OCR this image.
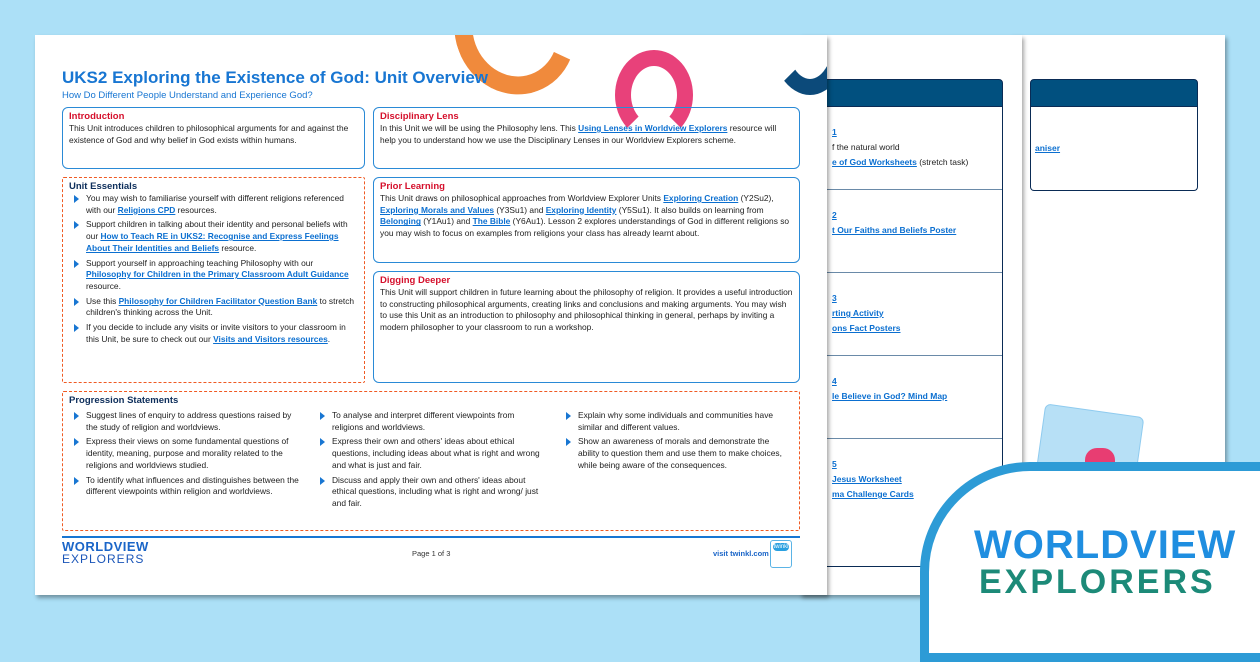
aniser
1
f the natural world
e of God Worksheets (stretch task)
2
t Our Faiths and Beliefs Poster
3
rting Activity
ons Fact Posters
4
le Believe in God? Mind Map
5
Jesus Worksheet
ma Challenge Cards
UKS2 Exploring the Existence of God: Unit Overview
How Do Different People Understand and Experience God?
Introduction
This Unit introduces children to philosophical arguments for and against the existence of God and why belief in God exists within humans.
Unit Essentials
You may wish to familiarise yourself with different religions referenced with our Religions CPD resources.
Support children in talking about their identity and personal beliefs with our How to Teach RE in UKS2: Recognise and Express Feelings About Their Identities and Beliefs resource.
Support yourself in approaching teaching Philosophy with our Philosophy for Children in the Primary Classroom Adult Guidance resource.
Use this Philosophy for Children Facilitator Question Bank to stretch children's thinking across the Unit.
If you decide to include any visits or invite visitors to your classroom in this Unit, be sure to check out our Visits and Visitors resources.
Disciplinary Lens
In this Unit we will be using the Philosophy lens. This Using Lenses in Worldview Explorers resource will help you to understand how we use the Disciplinary Lenses in our Worldview Explorers scheme.
Prior Learning
This Unit draws on philosophical approaches from Worldview Explorer Units Exploring Creation (Y2Su2), Exploring Morals and Values (Y3Su1) and Exploring Identity (Y5Su1). It also builds on learning from Belonging (Y1Au1) and The Bible (Y6Au1). Lesson 2 explores understandings of God in different religions so you may wish to focus on examples from religions your class has already learnt about.
Digging Deeper
This Unit will support children in future learning about the philosophy of religion. It provides a useful introduction to constructing philosophical arguments, creating links and conclusions and making arguments. You may wish to use this Unit as an introduction to philosophy and philosophical thinking in general, perhaps by inviting a modern philosopher to your classroom to run a workshop.
Progression Statements
Suggest lines of enquiry to address questions raised by the study of religion and worldviews.
Express their views on some fundamental questions of identity, meaning, purpose and morality related to the religions and worldviews studied.
To identify what influences and distinguishes between the different viewpoints within religion and worldviews.
To analyse and interpret different viewpoints from religions and worldviews.
Express their own and others' ideas about ethical questions, including ideas about what is right and wrong and what is just and fair.
Discuss and apply their own and others' ideas about ethical questions, including what is right and wrong/ just and fair.
Explain why some individuals and communities have similar and different values.
Show an awareness of morals and demonstrate the ability to question them and use them to make choices, while being aware of the consequences.
WORLDVIEW
EXPLORERS	Page 1 of 3	visit twinkl.com
twinkl	WORLDVIEW
EXPLORERS
